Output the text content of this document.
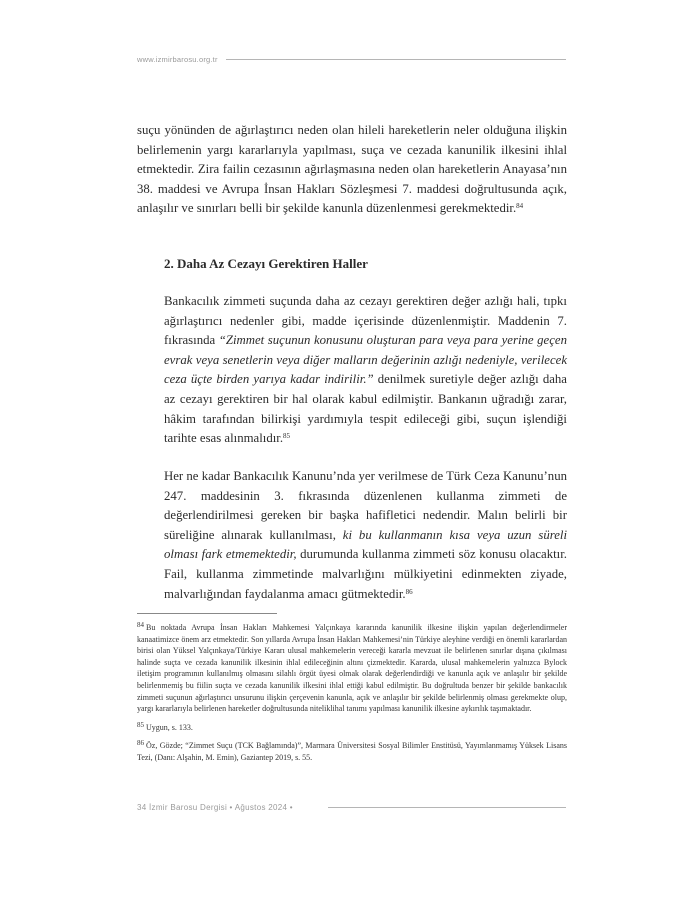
www.izmirbarosu.org.tr

suçu yönünden de ağırlaştırıcı neden olan hileli hareketlerin neler olduğuna ilişkin belirlemenin yargı kararlarıyla yapılması, suça ve cezada kanunilik ilkesini ihlal etmektedir. Zira failin cezasının ağırlaşmasına neden olan hareketlerin Anayasa’nın 38. maddesi ve Avrupa İnsan Hakları Sözleşmesi 7. maddesi doğrultusunda açık, anlaşılır ve sınırları belli bir şekilde kanunla düzenlenmesi gerekmektedir.$^{84}$

2. Daha Az Cezayı Gerektiren Haller

Bankacılık zimmeti suçunda daha az cezayı gerektiren değer azlığı hali, tıpkı ağırlaştırıcı nedenler gibi, madde içerisinde düzenlenmiştir. Maddenin 7. fıkrasında “Zimmet suçunun konusunu oluşturan para veya para yerine geçen evrak veya senetlerin veya diğer malların değerinin azlığı nedeniyle, verilecek ceza üçte birden yarıya kadar indirilir.” denilmek suretiyle değer azlığı daha az cezayı gerektiren bir hal olarak kabul edilmiştir. Bankanın uğradığı zarar, hâkim tarafından bilirkişi yardımıyla tespit edileceği gibi, suçun işlendiği tarihte esas alınmalıdır.$^{85}$

Her ne kadar Bankacılık Kanunu’nda yer verilmese de Türk Ceza Kanunu’nun 247. maddesinin 3. fıkrasında düzenlenen kullanma zimmeti de değerlendirilmesi gereken bir başka hafifletici nedendir. Malın belirli bir süreliğine alınarak kullanılması, ki bu kullanmanın kısa veya uzun süreli olması fark etmemektedir, durumunda kullanma zimmeti söz konusu olacaktır. Fail, kullanma zimmetinde malvarlığını mülkiyetini edinmekten ziyade, malvarlığından faydalanma amacı gütmektedir.$^{86}$

84 Bu noktada Avrupa İnsan Hakları Mahkemesi Yalçınkaya kararında kanunilik ilkesine ilişkin yapılan değerlendirmeler kanaatimizce önem arz etmektedir. Son yıllarda Avrupa İnsan Hakları Mahkemesi’nin Türkiye aleyhine verdiği en önemli kararlardan birisi olan Yüksel Yalçınkaya/Türkiye Kararı ulusal mahkemelerin vereceği kararla mevzuat ile belirlenen sınırlar dışına çıkılması halinde suçta ve cezada kanunilik ilkesinin ihlal edileceğinin altını çizmektedir. Kararda, ulusal mahkemelerin yalnızca Bylock iletişim programının kullanılmış olmasını silahlı örgüt üyesi olmak olarak değerlendirdiği ve kanunla açık ve anlaşılır bir şekilde belirlenmemiş bu fiilin suçta ve cezada kanunilik ilkesini ihlal ettiği kabul edilmiştir. Bu doğrultuda benzer bir şekilde bankacılık zimmeti suçunun ağırlaştırıcı unsurunu ilişkin çerçevenin kanunla, açık ve anlaşılır bir şekilde belirlenmiş olması gerekmekte olup, yargı kararlarıyla belirlenen hareketler doğrultusunda niteliklihal tanımı yapılması kanunilik ilkesine aykırılık taşımaktadır.

85 Uygun, s. 133.

86 Öz, Gözde; “Zimmet Suçu (TCK Bağlamında)”, Marmara Üniversitesi Sosyal Bilimler Enstitüsü, Yayımlanmamış Yüksek Lisans Tezi, (Danı: Alşahin, M. Emin), Gaziantep 2019, s. 55.

34 İzmir Barosu Dergisi • Ağustos 2024 •
